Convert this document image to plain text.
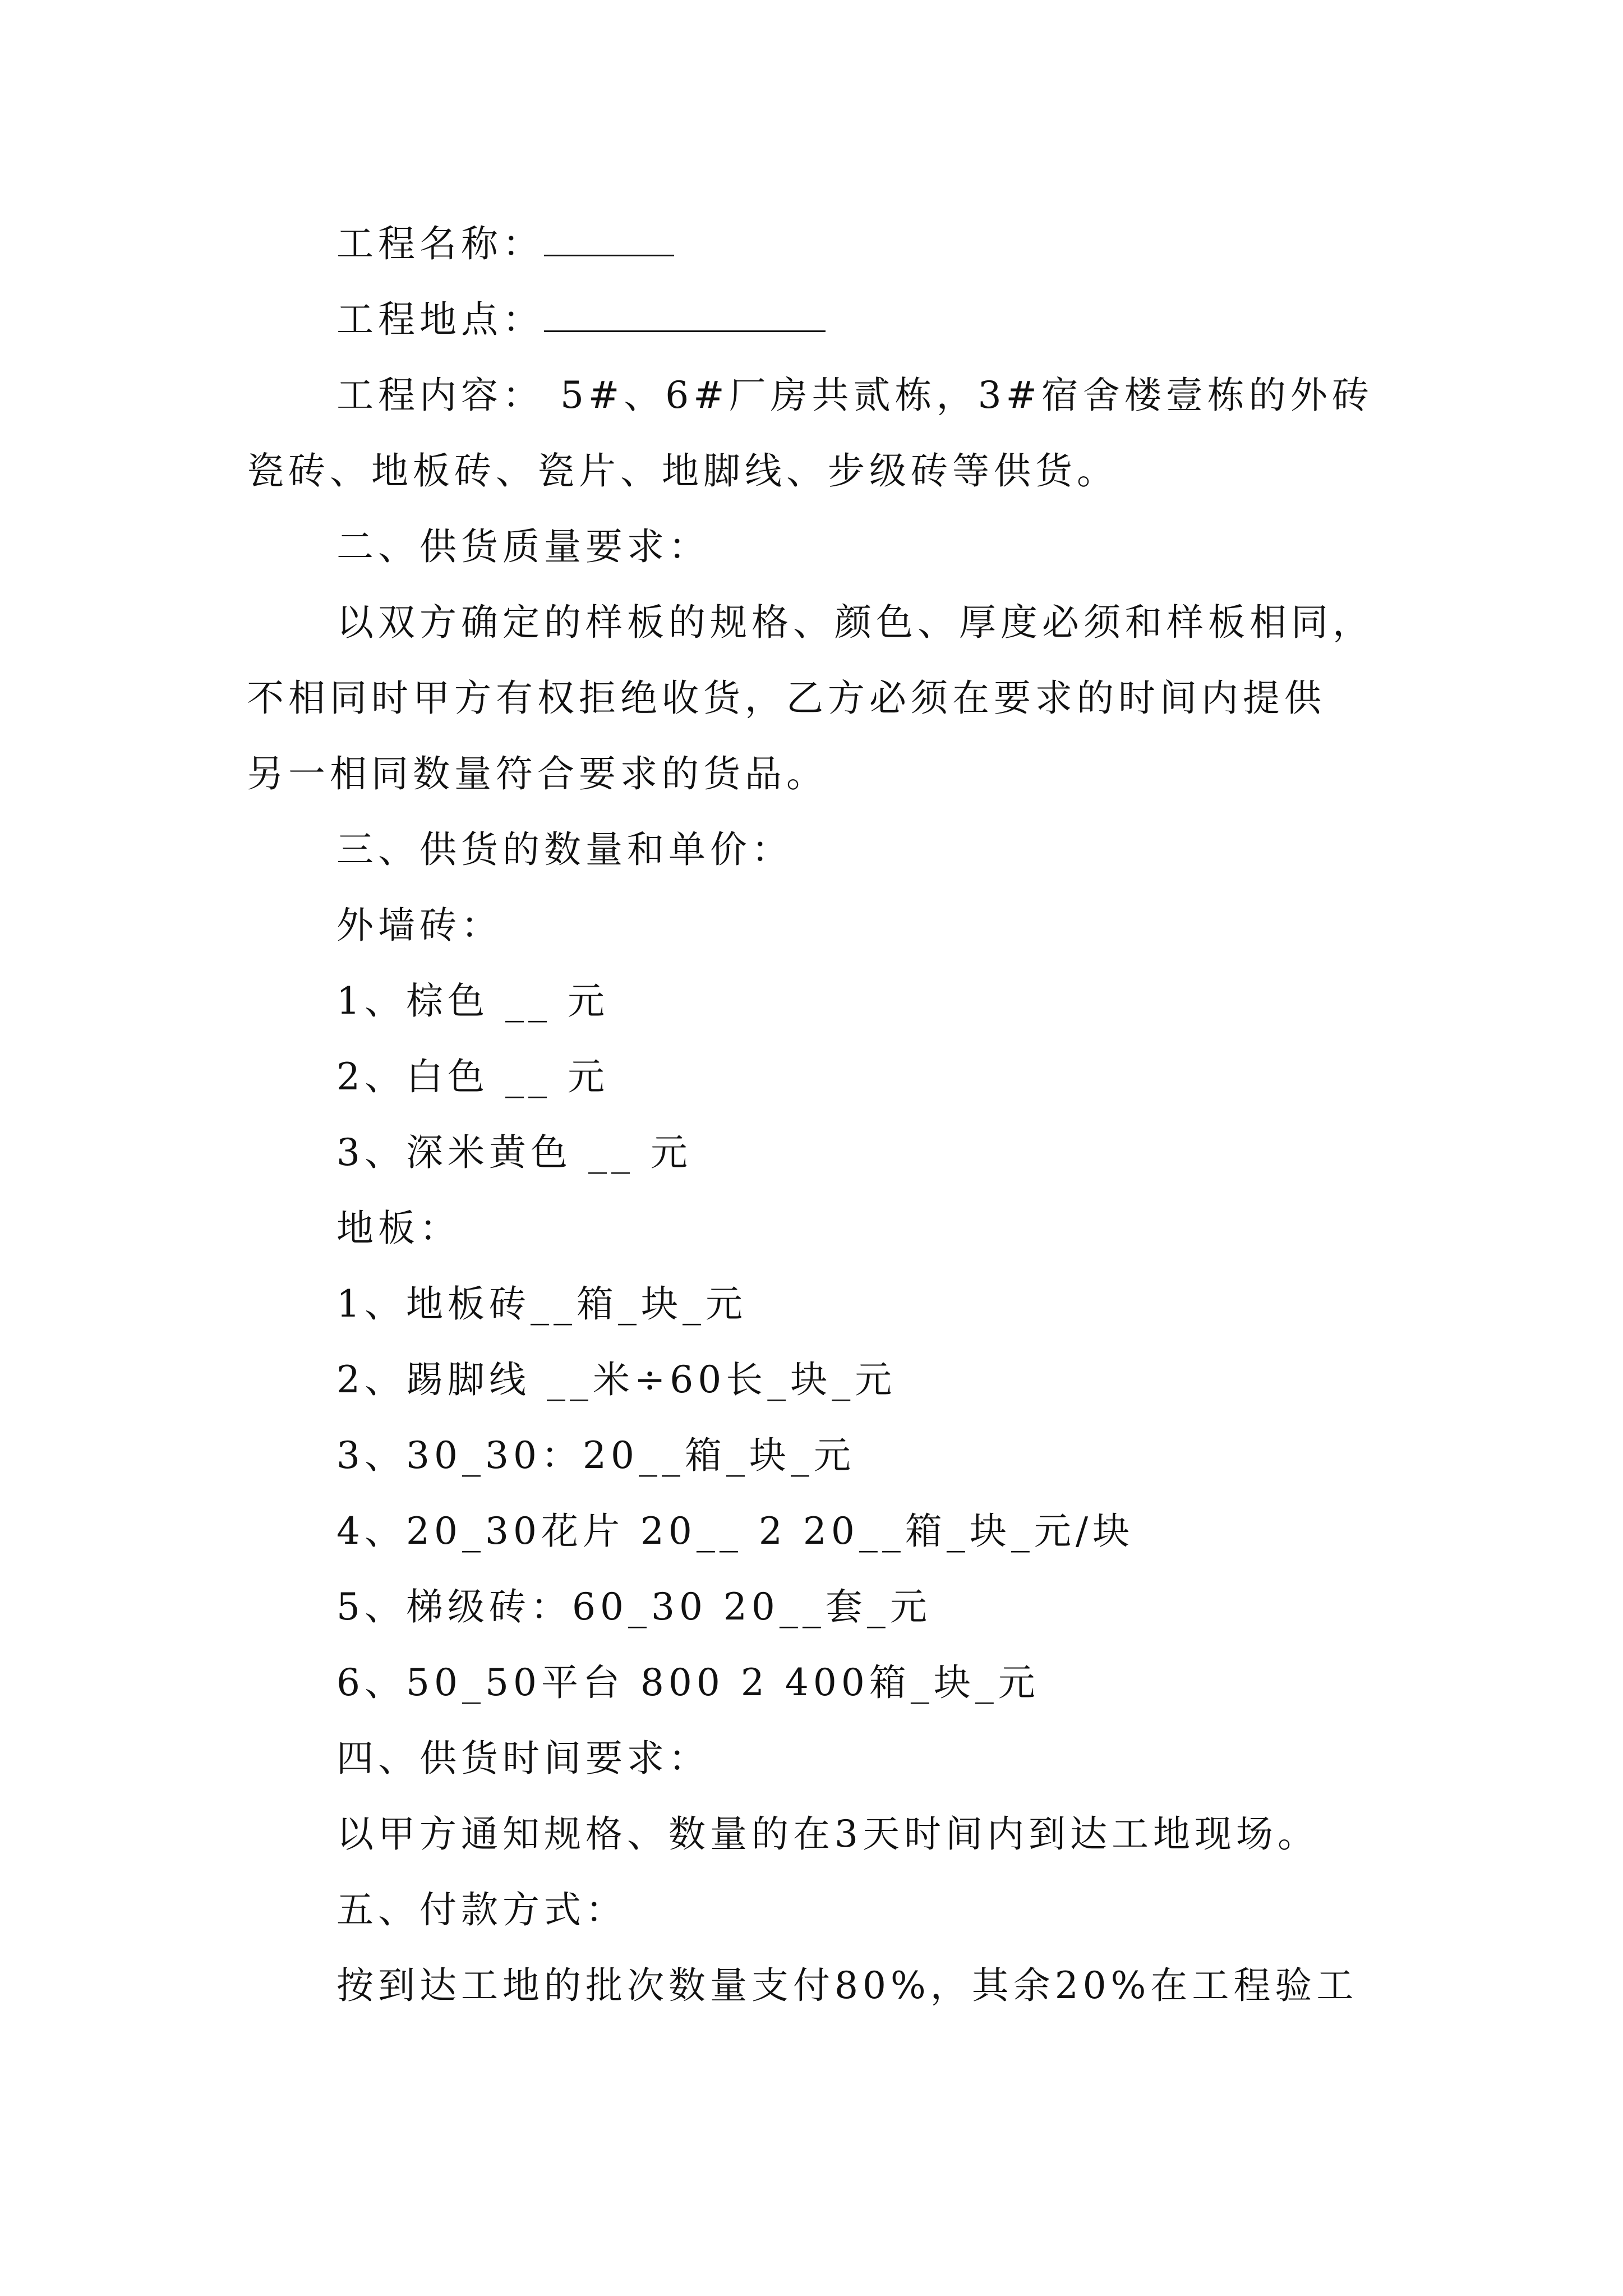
工程名称：
工程地点：
工程内容： 5#、6#厂房共贰栋，3#宿舍楼壹栋的外砖
瓷砖、地板砖、瓷片、地脚线、步级砖等供货。
二、供货质量要求：
以双方确定的样板的规格、颜色、厚度必须和样板相同，
不相同时甲方有权拒绝收货，乙方必须在要求的时间内提供
另一相同数量符合要求的货品。
三、供货的数量和单价：
外墙砖：
1、棕色 __ 元
2、白色 __ 元
3、深米黄色 __ 元
地板：
1、地板砖__箱_块_元
2、踢脚线 __米÷60长_块_元
3、30_30：20__箱_块_元
4、20_30花片 20__ 2 20__箱_块_元/块
5、梯级砖：60_30 20__套_元
6、50_50平台 800 2 400箱_块_元
四、供货时间要求：
以甲方通知规格、数量的在3天时间内到达工地现场。
五、付款方式：
按到达工地的批次数量支付80%，其余20%在工程验工
